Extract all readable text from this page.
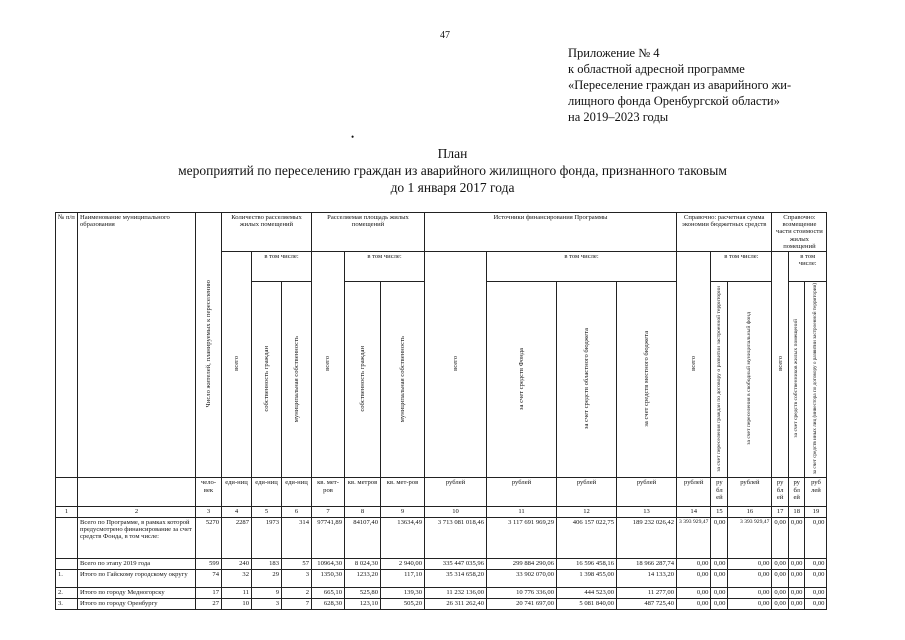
47
Приложение № 4
к областной адресной программе
«Переселение граждан из аварийного жи-
лищного фонда Оренбургской области»
на 2019–2023 годы
•
План
мероприятий по переселению граждан из аварийного жилищного фонда, признанного таковым
до 1 января 2017 года
№ п/п	Наименование муниципального образования	Число жителей, планируемых к переселению	Количество расселяемых жилых помещений			Расселяемая площадь жилых помещений			Источники финансирования Программы				Справочно: расчетная сумма экономии бюджетных средств			Справочно: возмещение части стоимости жилых помещений		
			всего	в том числе:		всего	в том числе:		всего	в том числе:			всего	в том числе:		всего	в том числе:	
				собственность граждан	муниципальная собственность		собственность граждан	муниципальная собственность		за счет средств Фонда	за счет средств областного бюджета	за счет средств местного бюджета		за счет переселения граждан по договору о развитии застроенной территории	за счет переселения в свободный муниципальный фонд		за счет средств собственников жилых помещений	за счет средств иных лиц (инвестора по договору о развитии застроенной территории)
		чело-век	еди-ниц	еди-ниц	еди-ниц	кв. мет-ров	кв. метров	кв. мет-ров	рублей	рублей	рублей	рублей	рублей	ру бл ей	рублей	ру бл ей	ру бл ей	руб лей
1	2	3	4	5	6	7	8	9	10	11	12	13	14	15	16	17	18	19
	Всего по Программе, в рамках которой предусмотрено финансирование за счет средств Фонда, в том числе:	5270	2287	1973	314	97741,89	84107,40	13634,49	3 713 081 018,46	3 117 691 969,29	406 157 022,75	189 232 026,42	3 393 929,47	0,00	3 393 929,47	0,00	0,00	0,00
	Всего по этапу 2019 года	599	240	183	57	10964,30	8 024,30	2 940,00	335 447 035,96	299 884 290,06	16 596 458,16	18 966 287,74	0,00	0,00	0,00	0,00	0,00	0,00
1.	Итого по Гайскому городскому округу	74	32	29	3	1350,30	1233,20	117,10	35 314 658,20	33 902 070,00	1 398 455,00	14 133,20	0,00	0,00	0,00	0,00	0,00	0,00
2.	Итого по городу Медногорску	17	11	9	2	665,10	525,80	139,30	11 232 136,00	10 776 336,00	444 523,00	11 277,00	0,00	0,00	0,00	0,00	0,00	0,00
3.	Итого по городу Оренбургу	27	10	3	7	628,30	123,10	505,20	26 311 262,40	20 741 697,00	5 081 840,00	487 725,40	0,00	0,00	0,00	0,00	0,00	0,00
